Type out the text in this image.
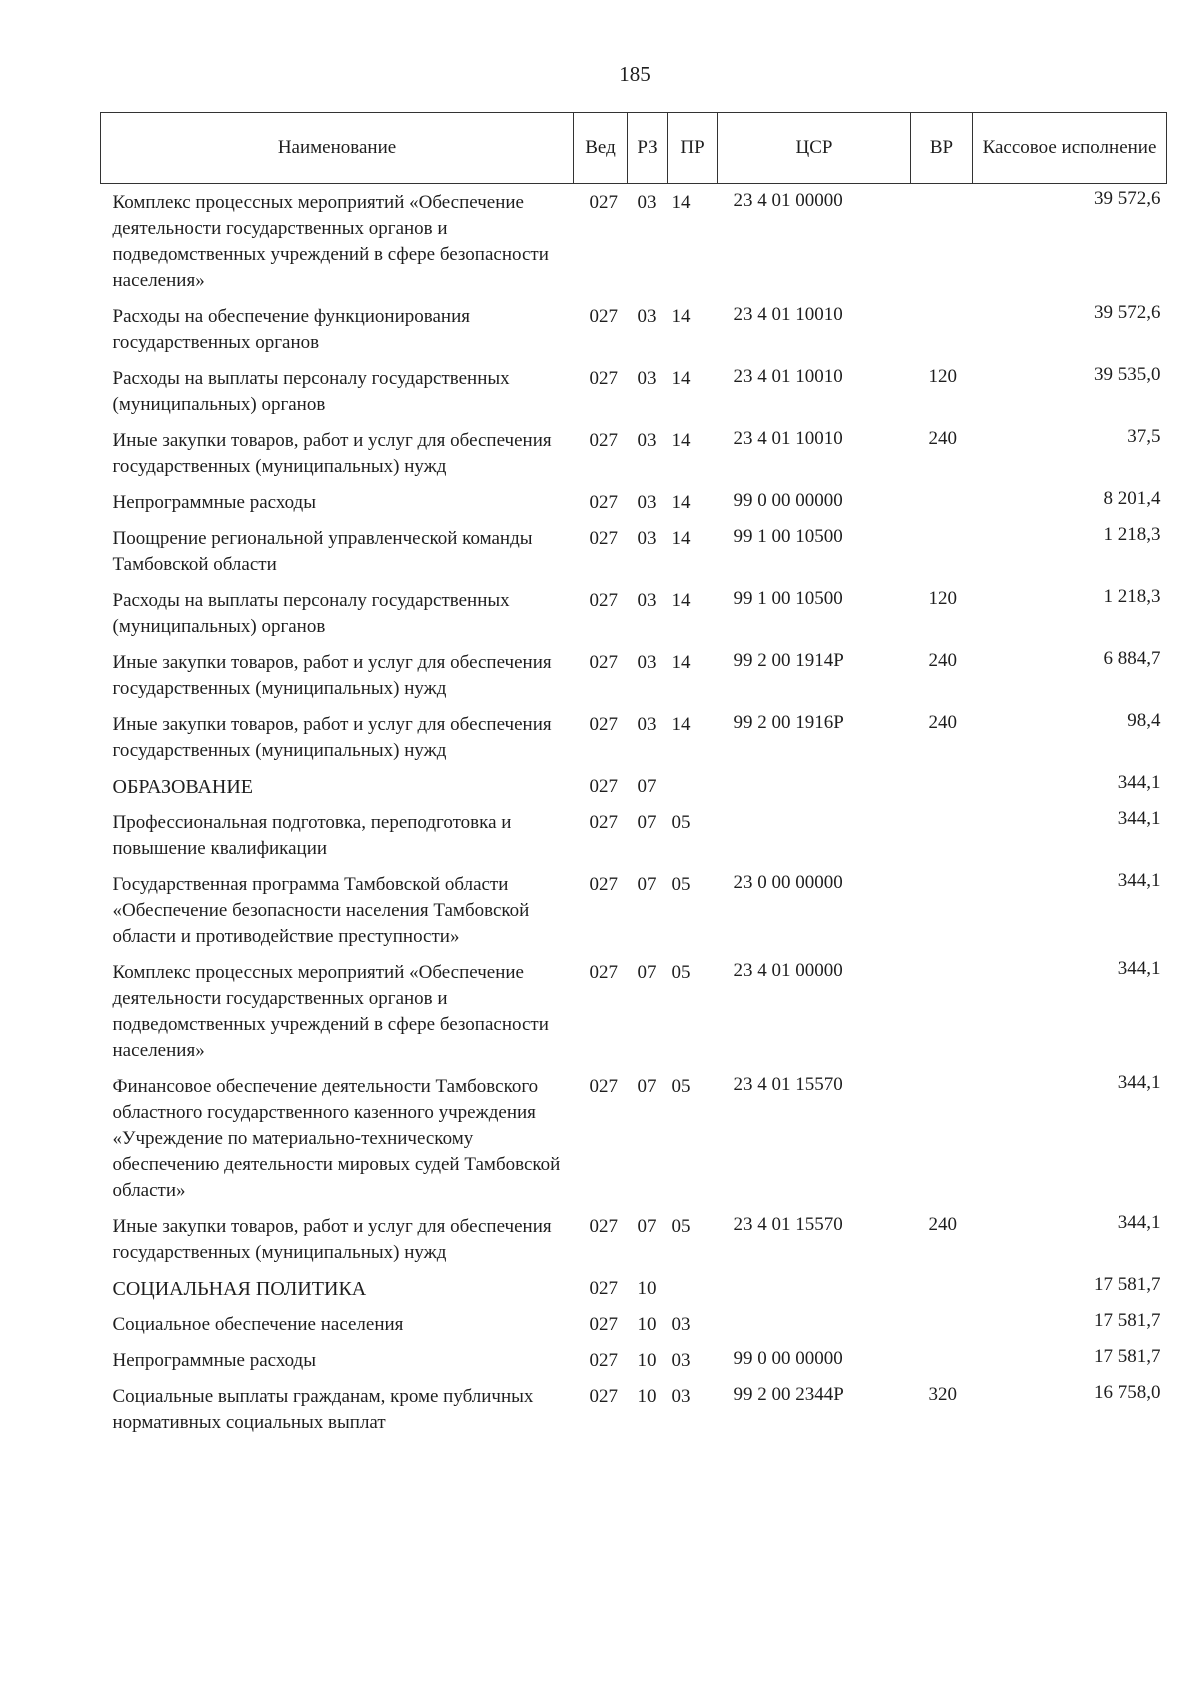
185
Наименование	Вед	РЗ	ПР	ЦСР	ВР	Кассовое исполнение
Комплекс процессных мероприятий «Обеспечение деятельности государственных органов и подведомственных учреждений в сфере безопасности населения»	027	03	14	23 4 01 00000		39 572,6
Расходы на обеспечение функционирования государственных органов	027	03	14	23 4 01 10010		39 572,6
Расходы на выплаты персоналу государственных (муниципальных) органов	027	03	14	23 4 01 10010	120	39 535,0
Иные закупки товаров, работ и услуг для обеспечения государственных (муниципальных) нужд	027	03	14	23 4 01 10010	240	37,5
Непрограммные расходы	027	03	14	99 0 00 00000		8 201,4
Поощрение региональной управленческой команды Тамбовской области	027	03	14	99 1 00 10500		1 218,3
Расходы на выплаты персоналу государственных (муниципальных) органов	027	03	14	99 1 00 10500	120	1 218,3
Иные закупки товаров, работ и услуг для обеспечения государственных (муниципальных) нужд	027	03	14	99 2 00 1914Р	240	6 884,7
Иные закупки товаров, работ и услуг для обеспечения государственных (муниципальных) нужд	027	03	14	99 2 00 1916Р	240	98,4
ОБРАЗОВАНИЕ	027	07				344,1
Профессиональная подготовка, переподготовка и повышение квалификации	027	07	05			344,1
Государственная программа Тамбовской области «Обеспечение безопасности населения Тамбовской области и противодействие преступности»	027	07	05	23 0 00 00000		344,1
Комплекс процессных мероприятий «Обеспечение деятельности государственных органов и подведомственных учреждений в сфере безопасности населения»	027	07	05	23 4 01 00000		344,1
Финансовое обеспечение деятельности Тамбовского областного государственного казенного учреждения «Учреждение по материально-техническому обеспечению деятельности мировых судей Тамбовской области»	027	07	05	23 4 01 15570		344,1
Иные закупки товаров, работ и услуг для обеспечения государственных (муниципальных) нужд	027	07	05	23 4 01 15570	240	344,1
СОЦИАЛЬНАЯ ПОЛИТИКА	027	10				17 581,7
Социальное обеспечение населения	027	10	03			17 581,7
Непрограммные расходы	027	10	03	99 0 00 00000		17 581,7
Социальные выплаты гражданам, кроме публичных нормативных социальных выплат	027	10	03	99 2 00 2344Р	320	16 758,0
